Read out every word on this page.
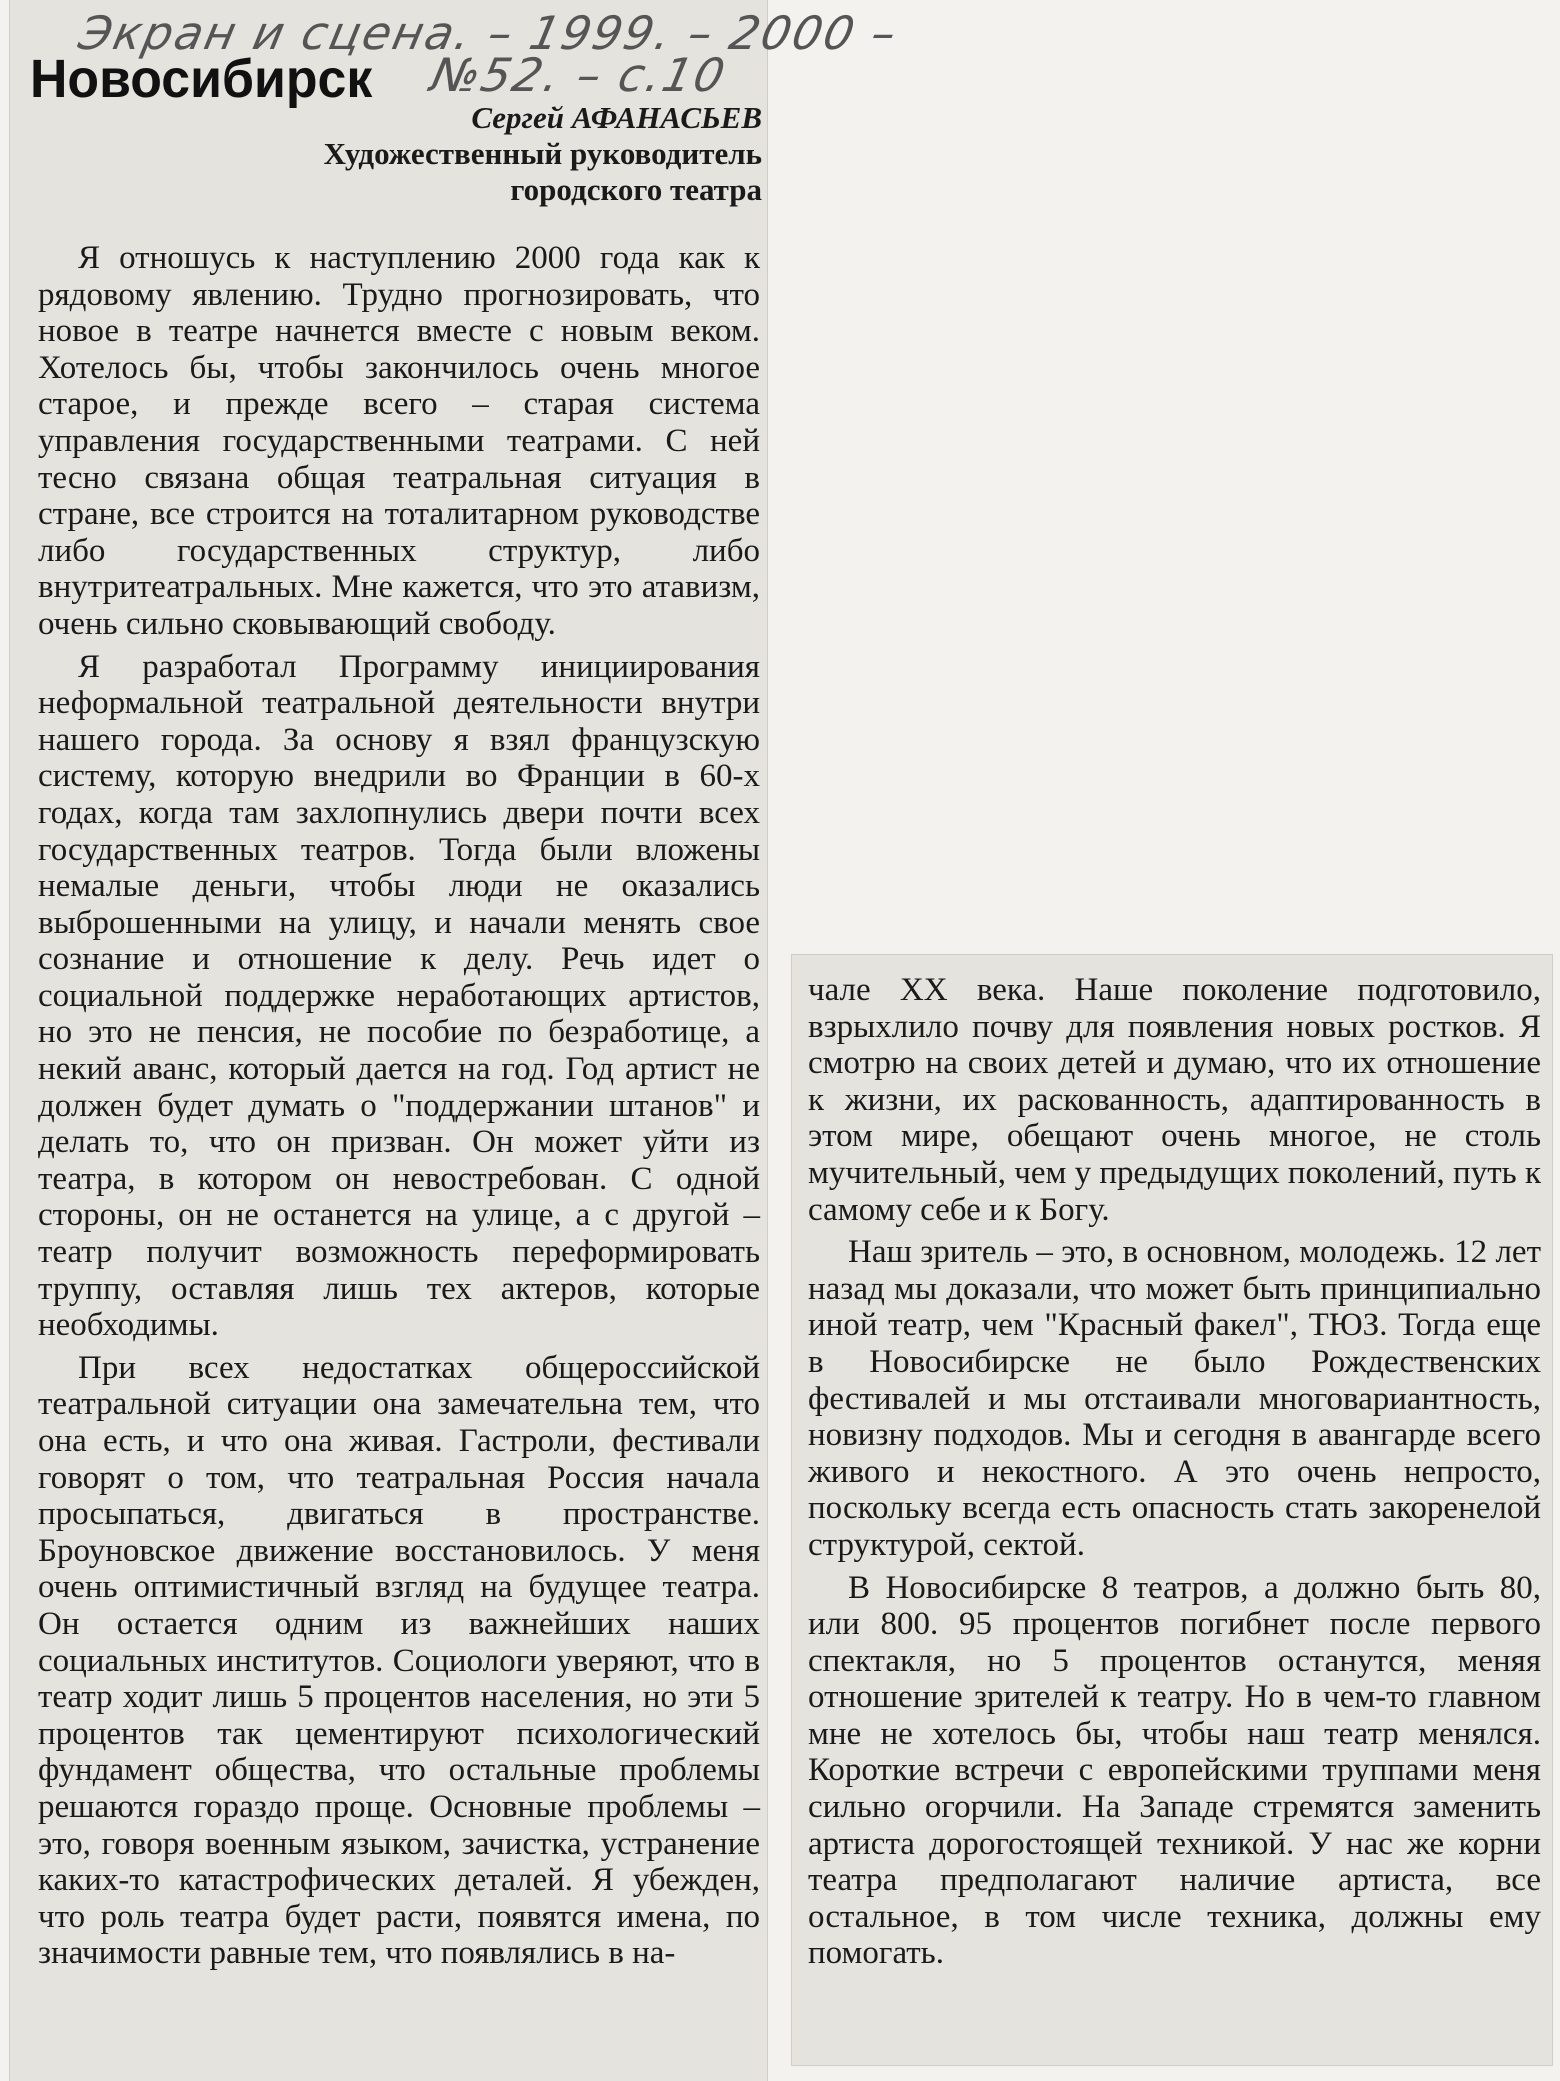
Экран и сцена. – 1999. – 2000 –
№52. – с.10
Новосибирск
Сергей АФАНАСЬЕВ
Художественный руководитель
городского театра

Я отношусь к наступлению 2000 года как к рядовому явлению. Трудно прогнозировать, что новое в театре начнется вместе с новым веком. Хотелось бы, чтобы закончилось очень многое старое, и прежде всего – старая система управления государственными театрами. С ней тесно связана общая театральная ситуация в стране, все строится на тоталитарном руководстве либо государственных структур, либо внутритеатральных. Мне кажется, что это атавизм, очень сильно сковывающий свободу.

Я разработал Программу инициирования неформальной театральной деятельности внутри нашего города. За основу я взял французскую систему, которую внедрили во Франции в 60-х годах, когда там захлопнулись двери почти всех государственных театров. Тогда были вложены немалые деньги, чтобы люди не оказались выброшенными на улицу, и начали менять свое сознание и отношение к делу. Речь идет о социальной поддержке неработающих артистов, но это не пенсия, не пособие по безработице, а некий аванс, который дается на год. Год артист не должен будет думать о "поддержании штанов" и делать то, что он призван. Он может уйти из театра, в котором он невостребован. С одной стороны, он не останется на улице, а с другой – театр получит возможность переформировать труппу, оставляя лишь тех актеров, которые необходимы.

При всех недостатках общероссийской театральной ситуации она замечательна тем, что она есть, и что она живая. Гастроли, фестивали говорят о том, что театральная Россия начала просыпаться, двигаться в пространстве. Броуновское движение восстановилось. У меня очень оптимистичный взгляд на будущее театра. Он остается одним из важнейших наших социальных институтов. Социологи уверяют, что в театр ходит лишь 5 процентов населения, но эти 5 процентов так цементируют психологический фундамент общества, что остальные проблемы решаются гораздо проще. Основные проблемы – это, говоря военным языком, зачистка, устранение каких-то катастрофических деталей. Я убежден, что роль театра будет расти, появятся имена, по значимости равные тем, что появлялись в на-

чале XX века. Наше поколение подготовило, взрыхлило почву для появления новых ростков. Я смотрю на своих детей и думаю, что их отношение к жизни, их раскованность, адаптированность в этом мире, обещают очень многое, не столь мучительный, чем у предыдущих поколений, путь к самому себе и к Богу.

Наш зритель – это, в основном, молодежь. 12 лет назад мы доказали, что может быть принципиально иной театр, чем "Красный факел", ТЮЗ. Тогда еще в Новосибирске не было Рождественских фестивалей и мы отстаивали многовариантность, новизну подходов. Мы и сегодня в авангарде всего живого и некостного. А это очень непросто, поскольку всегда есть опасность стать закоренелой структурой, сектой.

В Новосибирске 8 театров, а должно быть 80, или 800. 95 процентов погибнет после первого спектакля, но 5 процентов останутся, меняя отношение зрителей к театру. Но в чем-то главном мне не хотелось бы, чтобы наш театр менялся. Короткие встречи с европейскими труппами меня сильно огорчили. На Западе стремятся заменить артиста дорогостоящей техникой. У нас же корни театра предполагают наличие артиста, все остальное, в том числе техника, должны ему помогать.
